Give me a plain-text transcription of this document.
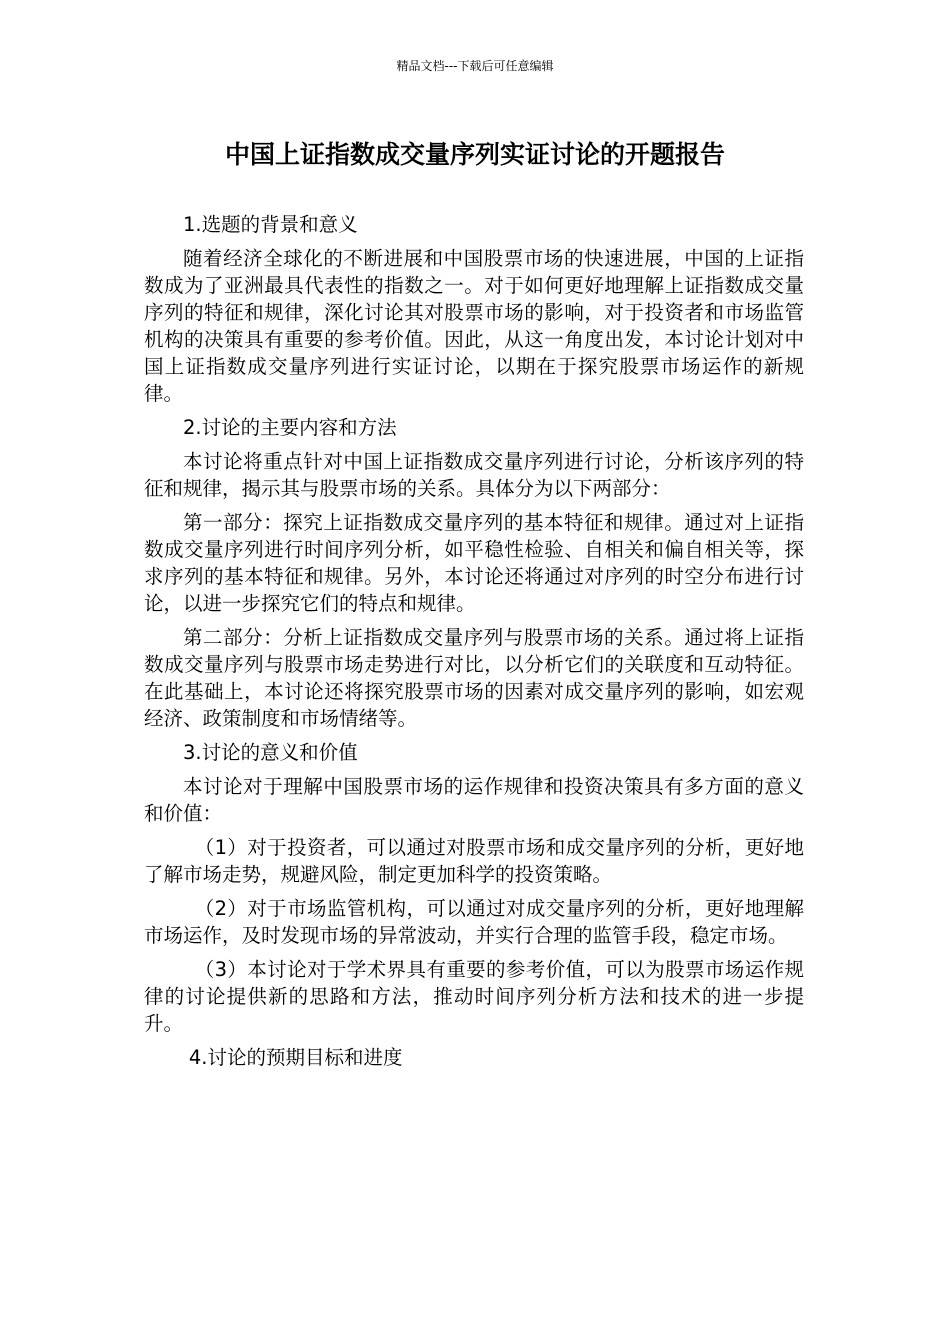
精品文档---下载后可任意编辑
中国上证指数成交量序列实证讨论的开题报告
1.选题的背景和意义

随着经济全球化的不断进展和中国股票市场的快速进展，中国的上证指数成为了亚洲最具代表性的指数之一。对于如何更好地理解上证指数成交量序列的特征和规律，深化讨论其对股票市场的影响，对于投资者和市场监管机构的决策具有重要的参考价值。因此，从这一角度出发，本讨论计划对中国上证指数成交量序列进行实证讨论，以期在于探究股票市场运作的新规律。

2.讨论的主要内容和方法

本讨论将重点针对中国上证指数成交量序列进行讨论，分析该序列的特征和规律，揭示其与股票市场的关系。具体分为以下两部分：

第一部分：探究上证指数成交量序列的基本特征和规律。通过对上证指数成交量序列进行时间序列分析，如平稳性检验、自相关和偏自相关等，探求序列的基本特征和规律。另外，本讨论还将通过对序列的时空分布进行讨论，以进一步探究它们的特点和规律。

第二部分：分析上证指数成交量序列与股票市场的关系。通过将上证指数成交量序列与股票市场走势进行对比，以分析它们的关联度和互动特征。在此基础上，本讨论还将探究股票市场的因素对成交量序列的影响，如宏观经济、政策制度和市场情绪等。

3.讨论的意义和价值

本讨论对于理解中国股票市场的运作规律和投资决策具有多方面的意义和价值：

（1）对于投资者，可以通过对股票市场和成交量序列的分析，更好地了解市场走势，规避风险，制定更加科学的投资策略。

（2）对于市场监管机构，可以通过对成交量序列的分析，更好地理解市场运作，及时发现市场的异常波动，并实行合理的监管手段，稳定市场。

（3）本讨论对于学术界具有重要的参考价值，可以为股票市场运作规律的讨论提供新的思路和方法，推动时间序列分析方法和技术的进一步提升。

4.讨论的预期目标和进度
